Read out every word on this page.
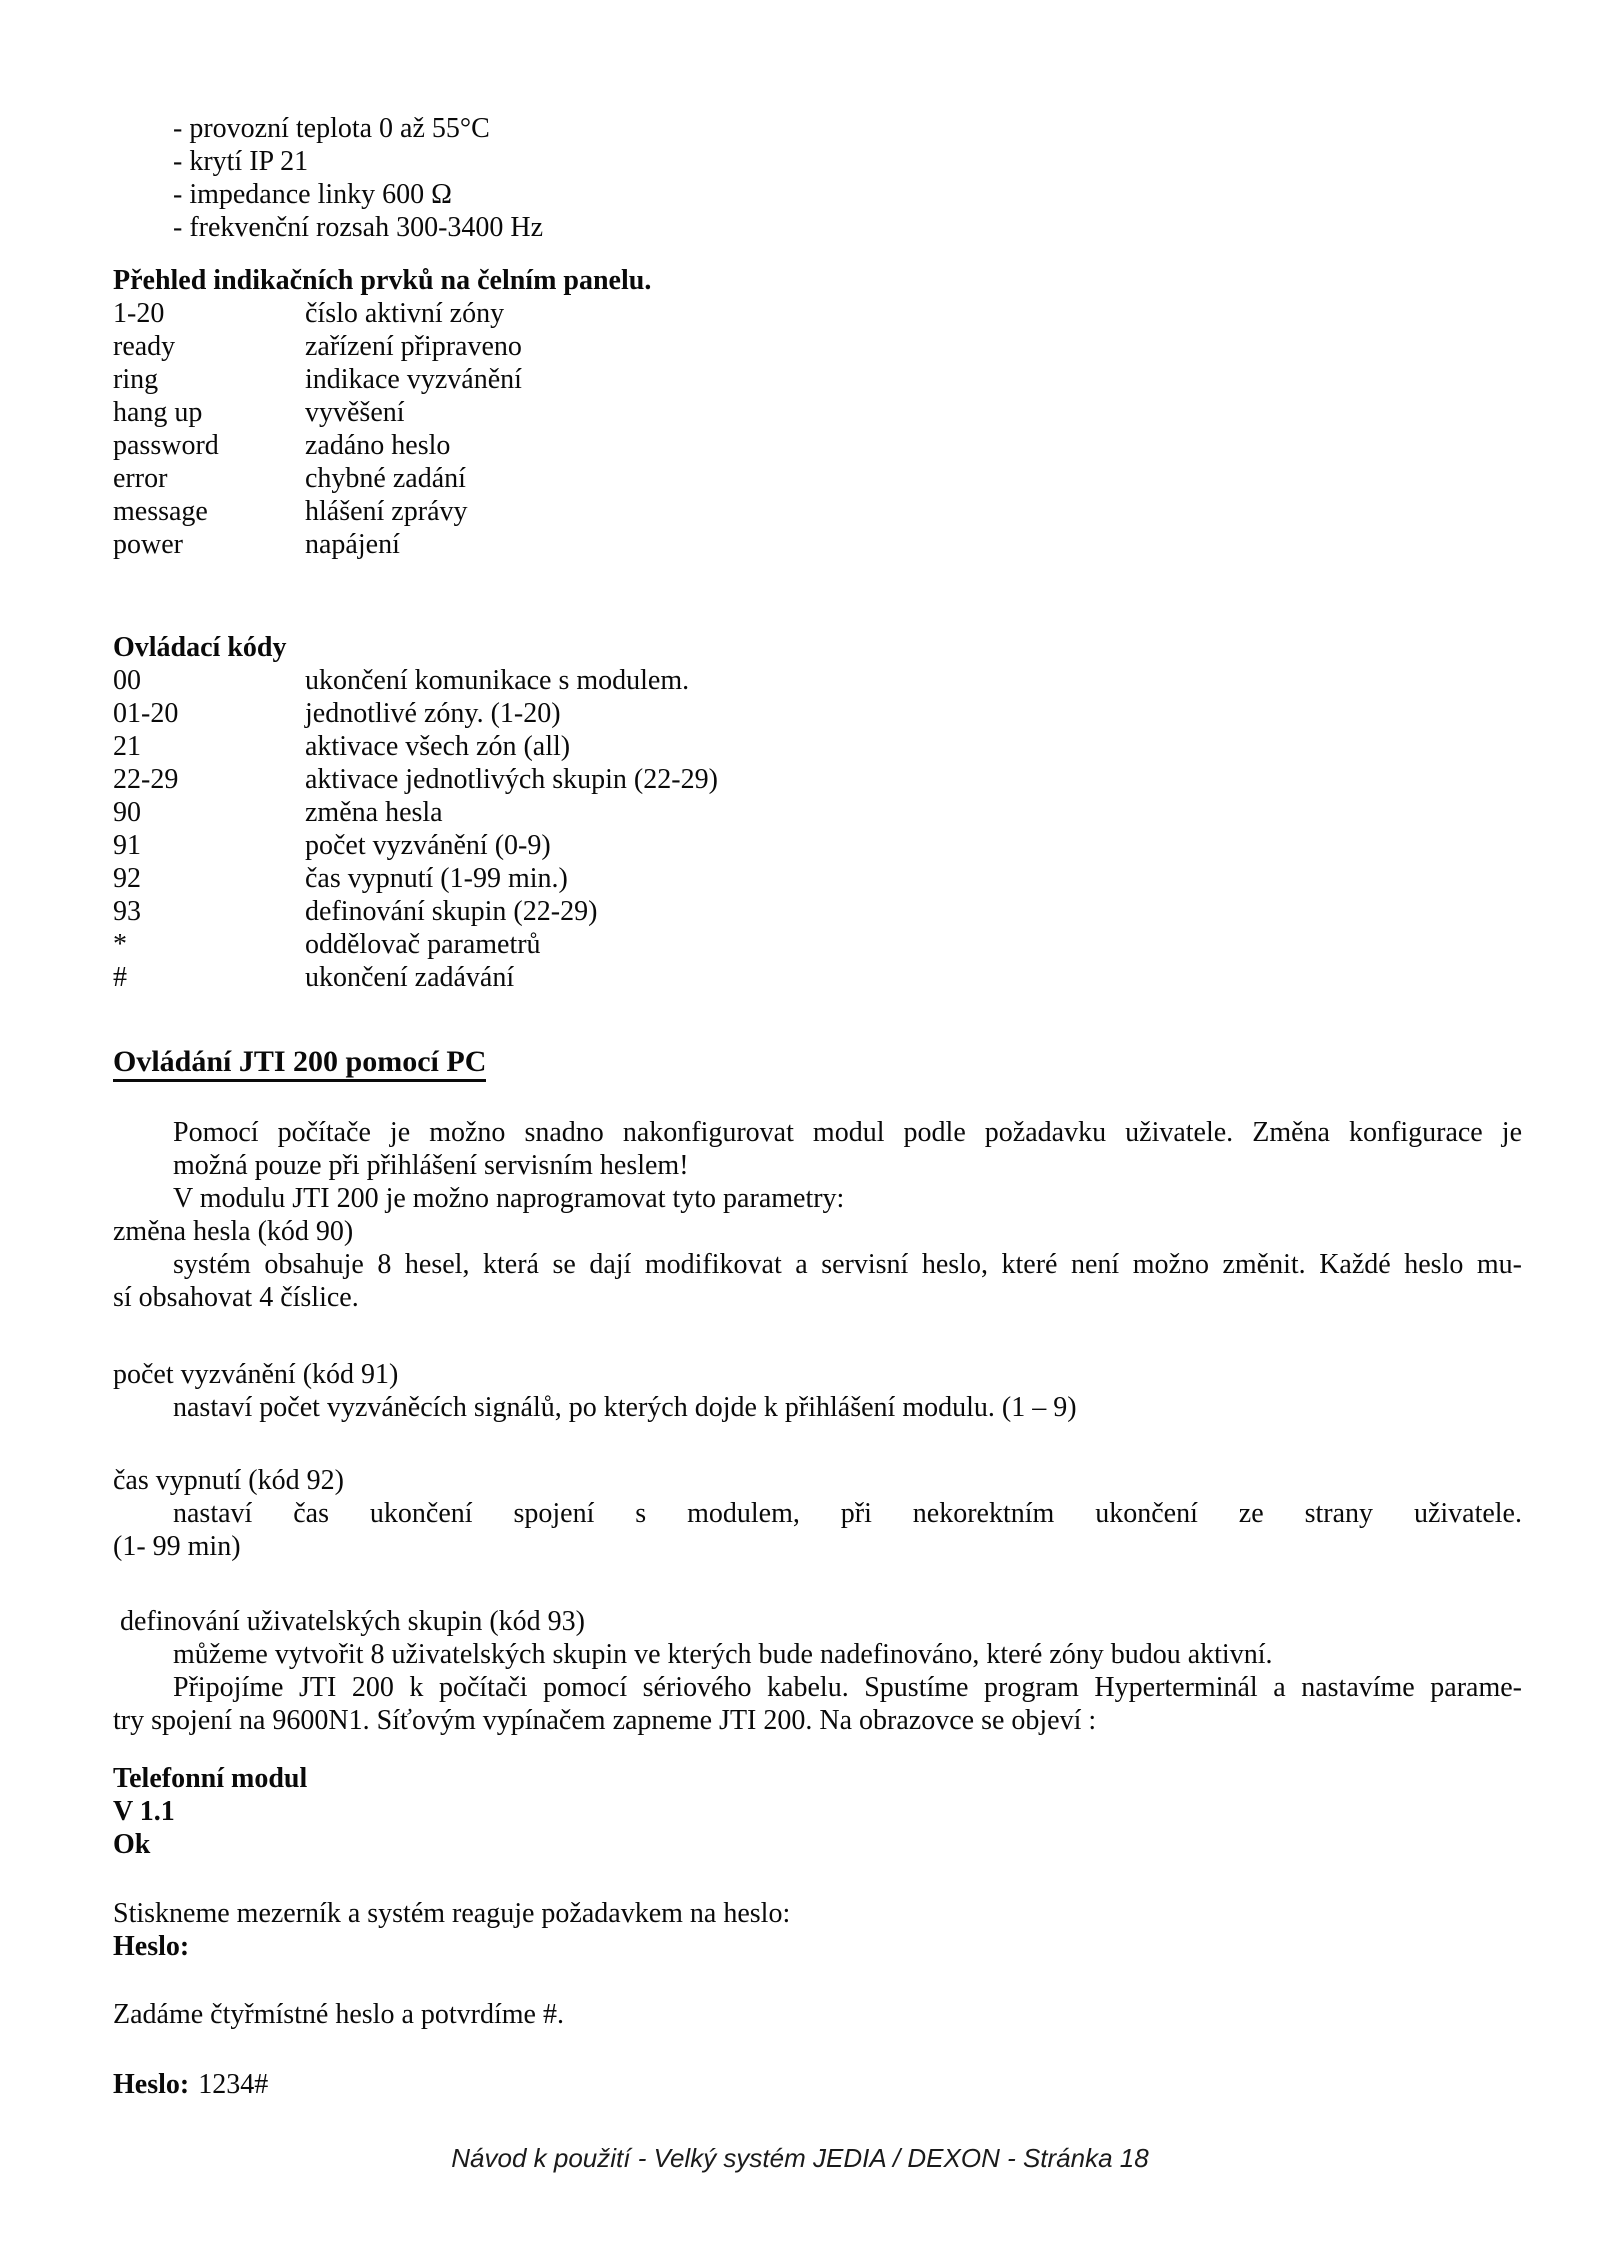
- provozní teplota 0 až 55°C
- krytí IP 21
- impedance linky 600 Ω
- frekvenční rozsah 300-3400 Hz
Přehled indikačních prvků na čelním panelu.
1-20	číslo aktivní zóny
ready	zařízení připraveno
ring	indikace vyzvánění
hang up	vyvěšení
password	zadáno heslo
error	chybné zadání
message	hlášení zprávy
power	napájení
Ovládací kódy
00	ukončení komunikace s modulem.
01-20	jednotlivé zóny. (1-20)
21	aktivace všech zón (all)
22-29	aktivace jednotlivých skupin (22-29)
90	změna hesla
91	počet vyzvánění (0-9)
92	čas vypnutí (1-99 min.)
93	definování skupin (22-29)
*	oddělovač parametrů
#	ukončení zadávání
Ovládání JTI 200 pomocí PC
Pomocí počítače je možno snadno nakonfigurovat modul podle požadavku uživatele. Změna konfigurace je
možná pouze při přihlášení servisním heslem!
V modulu JTI 200 je možno naprogramovat tyto parametry:
změna hesla (kód 90)
systém obsahuje 8 hesel, která se dají modifikovat a servisní heslo, které není možno změnit. Každé heslo mu-
sí obsahovat 4 číslice.
počet vyzvánění (kód 91)
nastaví počet vyzváněcích signálů, po kterých dojde k přihlášení modulu. (1 – 9)
čas vypnutí (kód 92)
nastaví čas ukončení spojení s modulem, při nekorektním ukončení ze strany uživatele.
(1- 99 min)
definování uživatelských skupin (kód 93)
můžeme vytvořit 8 uživatelských skupin ve kterých bude nadefinováno, které zóny budou aktivní.
Připojíme JTI 200 k počítači pomocí sériového kabelu. Spustíme program Hyperterminál a nastavíme parame-
try spojení na 9600N1. Síťovým vypínačem zapneme JTI 200. Na obrazovce se objeví :
Telefonní modul
V 1.1
Ok
Stiskneme mezerník a systém reaguje požadavkem na heslo:
Heslo:
Zadáme čtyřmístné heslo a potvrdíme #.
Heslo: 1234#
Návod k použití - Velký systém JEDIA / DEXON - Stránka 18
